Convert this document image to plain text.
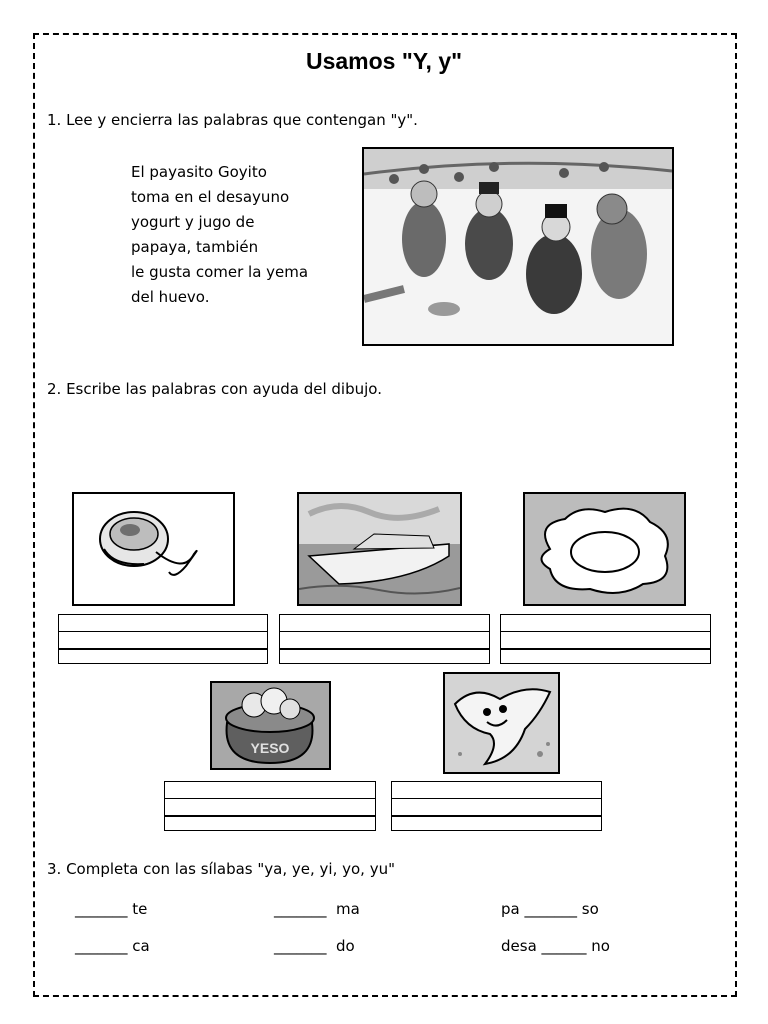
Usamos "Y, y"
1. Lee y encierra las palabras que contengan "y".
El payasito Goyito
toma en el desayuno
yogurt y jugo de
papaya, también
le gusta comer la yema
del huevo.
2. Escribe las palabras con ayuda del dibujo.
YESO
3. Completa con las sílabas "ya, ye, yi, yo, yu"
_______ te	_______  ma	pa _______ so
_______ ca	_______  do	desa ______ no
